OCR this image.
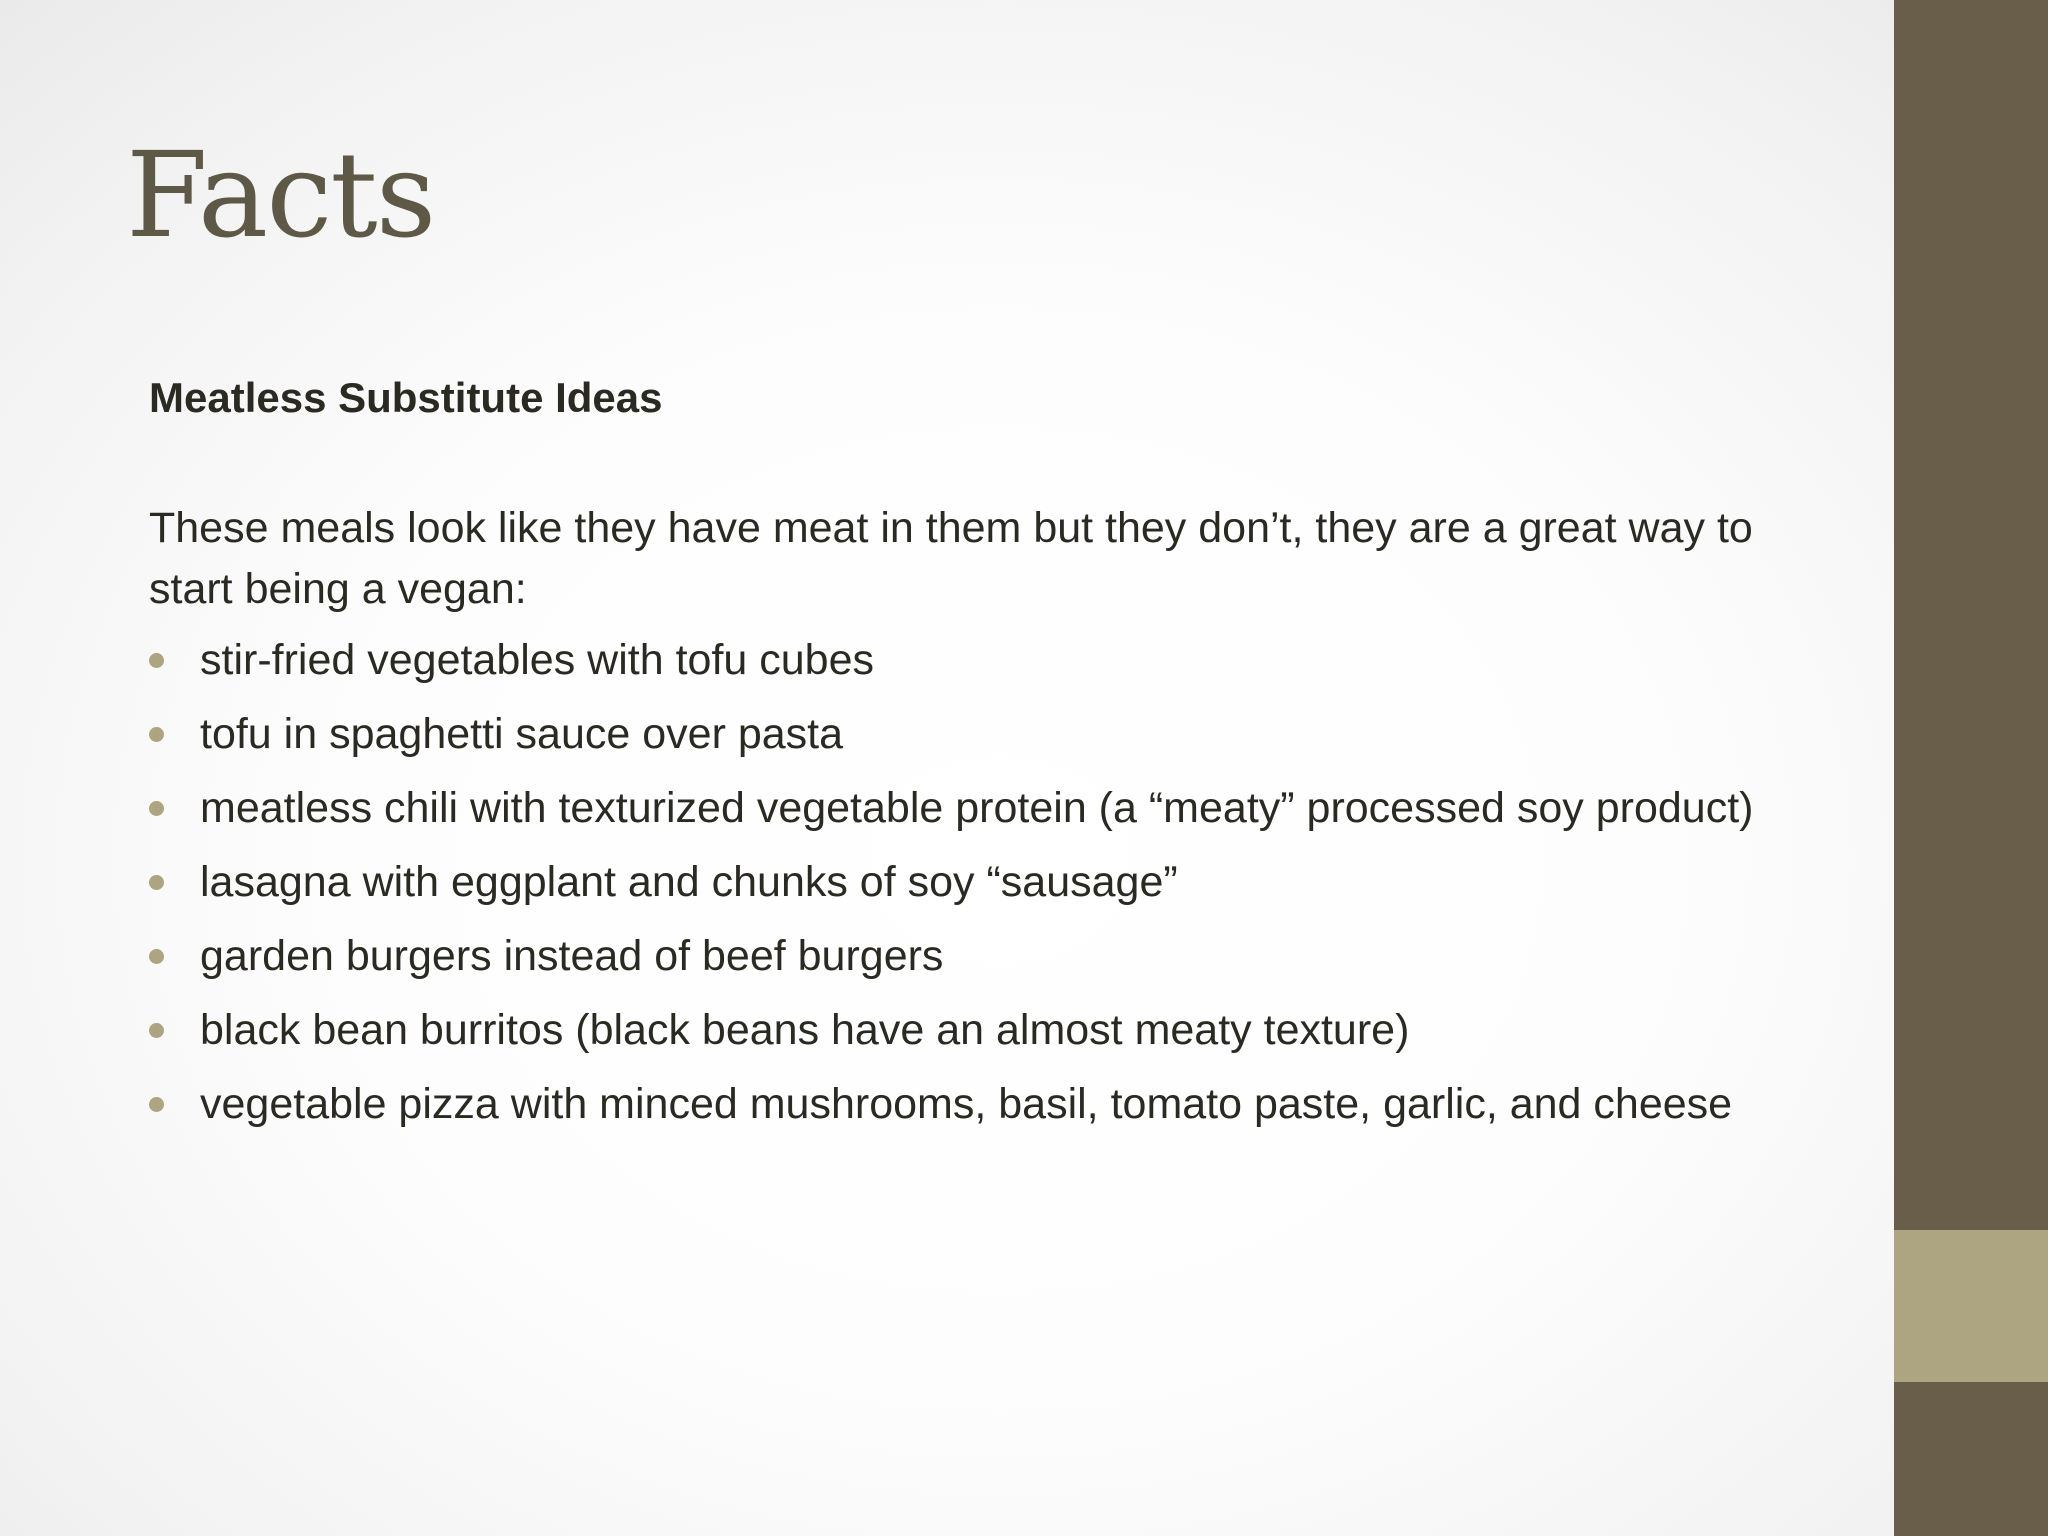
Facts

Meatless Substitute Ideas

These meals look like they have meat in them but they don’t, they are a great way to start being a vegan:

stir-fried vegetables with tofu cubes
tofu in spaghetti sauce over pasta
meatless chili with texturized vegetable protein (a “meaty” processed soy product)
lasagna with eggplant and chunks of soy “sausage”
garden burgers instead of beef burgers
black bean burritos (black beans have an almost meaty texture)
vegetable pizza with minced mushrooms, basil, tomato paste, garlic, and cheese
